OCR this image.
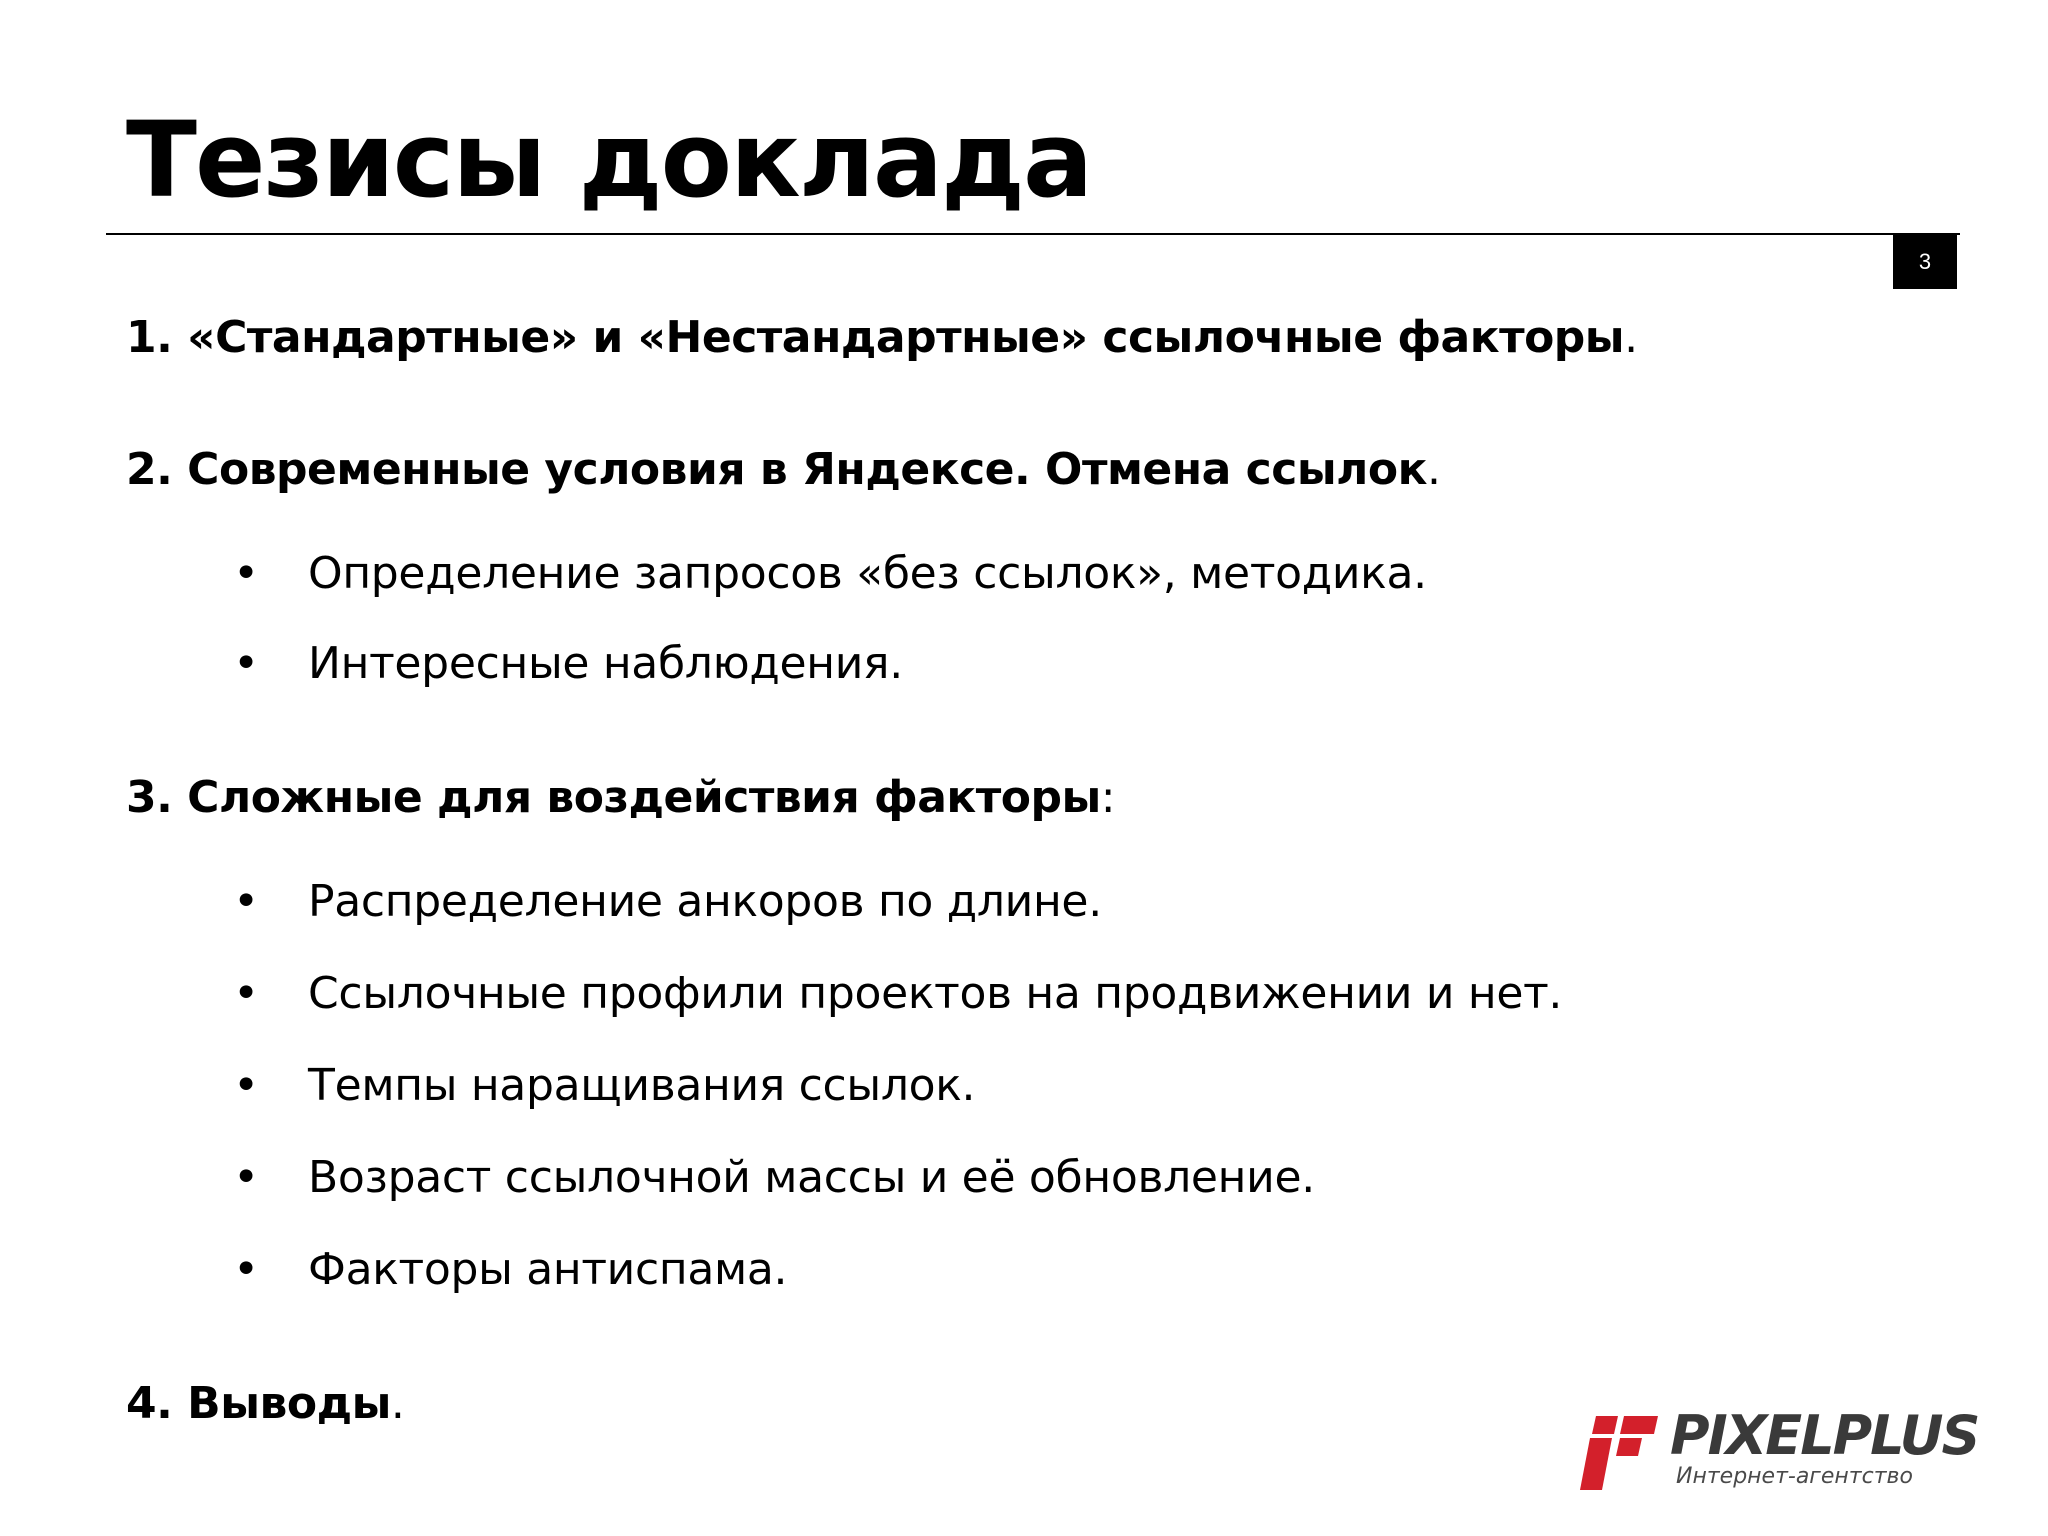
Тезисы доклада
3

1. «Стандартные» и «Нестандартные» ссылочные факторы.

2. Современные условия в Яндексе. Отмена ссылок.

• Определение запросов «без ссылок», методика.
• Интересные наблюдения.

3. Сложные для воздействия факторы:

• Распределение анкоров по длине.
• Ссылочные профили проектов на продвижении и нет.
• Темпы наращивания ссылок.
• Возраст ссылочной массы и её обновление.
• Факторы антиспама.

4. Выводы.

PIXELPLUS
Интернет-агентство
